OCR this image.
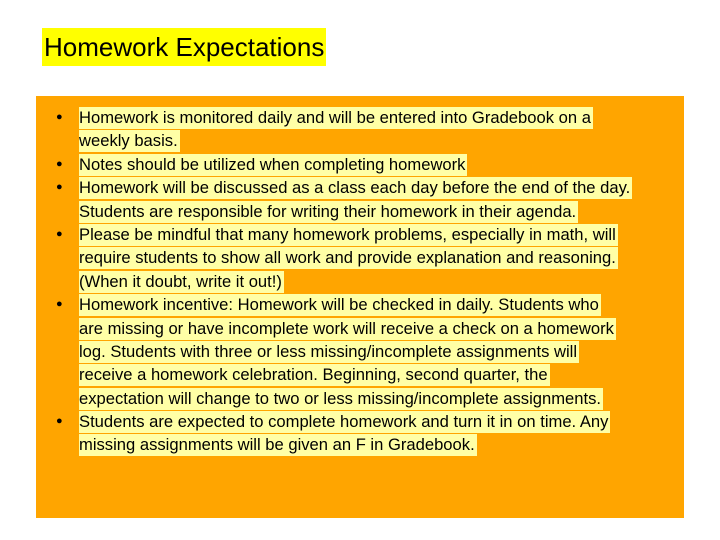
Homework Expectations
● Homework is monitored daily and will be entered into Gradebook on a
weekly basis.
● Notes should be utilized when completing homework
● Homework will be discussed as a class each day before the end of the day.
Students are responsible for writing their homework in their agenda.
● Please be mindful that many homework problems, especially in math, will
require students to show all work and provide explanation and reasoning.
(When it doubt, write it out!)
● Homework incentive: Homework will be checked in daily. Students who
are missing or have incomplete work will receive a check on a homework
log. Students with three or less missing/incomplete assignments will
receive a homework celebration. Beginning, second quarter, the
expectation will change to two or less missing/incomplete assignments.
● Students are expected to complete homework and turn it in on time. Any
missing assignments will be given an F in Gradebook.
